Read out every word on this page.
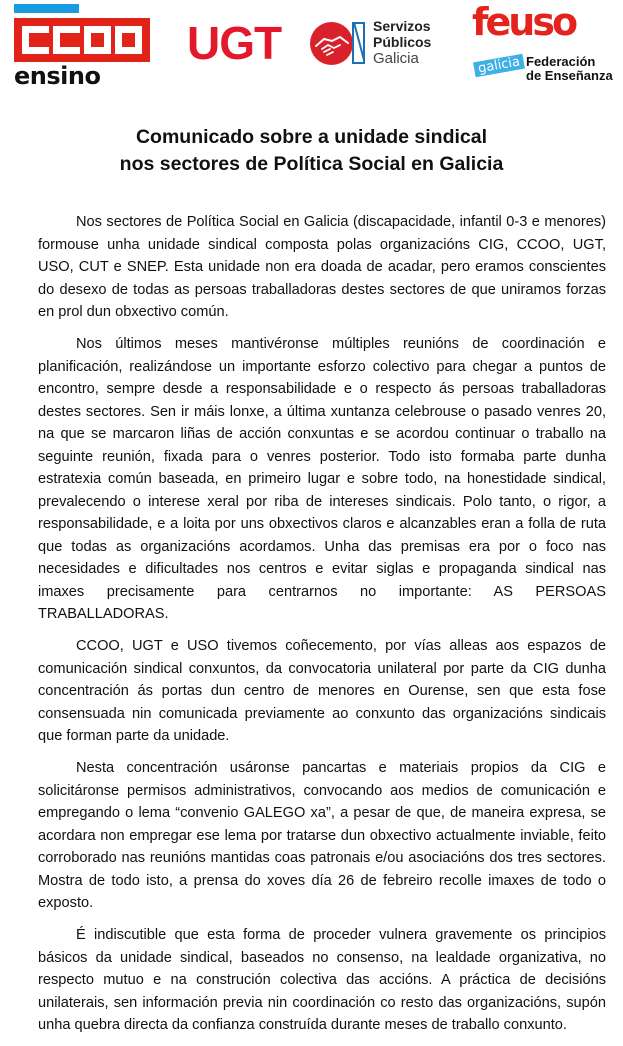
ensino
UGT	Servizos
Públicos
Galicia
feuso
galicia Federación
de Enseñanza
Comunicado sobre a unidade sindical
nos sectores de Política Social en Galicia

Nos sectores de Política Social en Galicia (discapacidade, infantil 0-3 e menores) formouse unha unidade sindical composta polas organizacións CIG, CCOO, UGT, USO, CUT e SNEP. Esta unidade non era doada de acadar, pero eramos conscientes do desexo de todas as persoas traballadoras destes sectores de que uniramos forzas en prol dun obxectivo común.

Nos últimos meses mantivéronse múltiples reunións de coordinación e planificación, realizándose un importante esforzo colectivo para chegar a puntos de encontro, sempre desde a responsabilidade e o respecto ás persoas traballadoras destes sectores. Sen ir máis lonxe, a última xuntanza celebrouse o pasado venres 20, na que se marcaron liñas de acción conxuntas e se acordou continuar o traballo na seguinte reunión, fixada para o venres posterior. Todo isto formaba parte dunha estratexia común baseada, en primeiro lugar e sobre todo, na honestidade sindical, prevalecendo o interese xeral por riba de intereses sindicais. Polo tanto, o rigor, a responsabilidade, e a loita por uns obxectivos claros e alcanzables eran a folla de ruta que todas as organizacións acordamos. Unha das premisas era por o foco nas necesidades e dificultades nos centros e evitar siglas e propaganda sindical nas imaxes precisamente para centrarnos no importante: AS PERSOAS TRABALLADORAS.

CCOO, UGT e USO tivemos coñecemento, por vías alleas aos espazos de comunicación sindical conxuntos, da convocatoria unilateral por parte da CIG dunha concentración ás portas dun centro de menores en Ourense, sen que esta fose consensuada nin comunicada previamente ao conxunto das organizacións sindicais que forman parte da unidade.

Nesta concentración usáronse pancartas e materiais propios da CIG e solicitáronse permisos administrativos, convocando aos medios de comunicación e empregando o lema “convenio GALEGO xa”, a pesar de que, de maneira expresa, se acordara non empregar ese lema por tratarse dun obxectivo actualmente inviable, feito corroborado nas reunións mantidas coas patronais e/ou asociacións dos tres sectores. Mostra de todo isto, a prensa do xoves día 26 de febreiro recolle imaxes de todo o exposto.

É indiscutible que esta forma de proceder vulnera gravemente os principios básicos da unidade sindical, baseados no consenso, na lealdade organizativa, no respecto mutuo e na construción colectiva das accións. A práctica de decisións unilaterais, sen información previa nin coordinación co resto das organizacións, supón unha quebra directa da confianza construída durante meses de traballo conxunto.
